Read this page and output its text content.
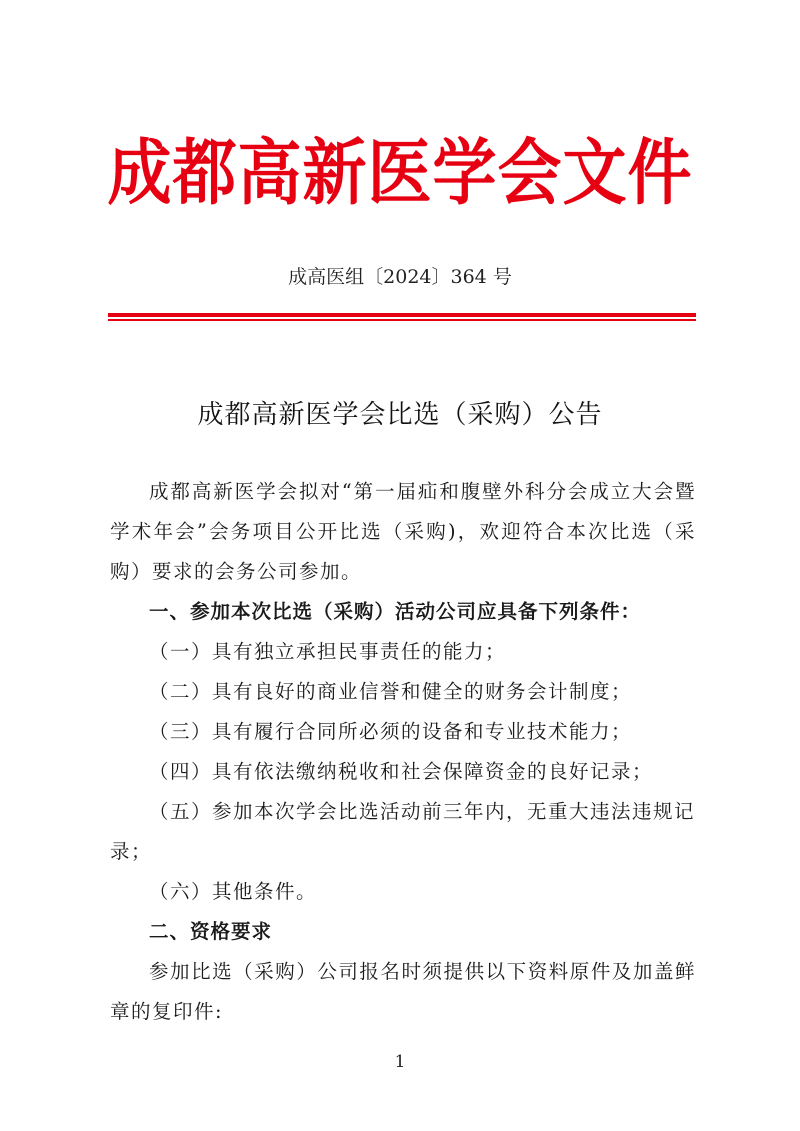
成都高新医学会文件
成高医组〔2024〕364 号
成都高新医学会比选（采购）公告

成都高新医学会拟对“第一届疝和腹壁外科分会成立大会暨学术年会”会务项目公开比选（采购)，欢迎符合本次比选（采购）要求的会务公司参加。

一、参加本次比选（采购）活动公司应具备下列条件：

（一）具有独立承担民事责任的能力；

（二）具有良好的商业信誉和健全的财务会计制度；

（三）具有履行合同所必须的设备和专业技术能力；

（四）具有依法缴纳税收和社会保障资金的良好记录；

（五）参加本次学会比选活动前三年内，无重大违法违规记录；

（六）其他条件。

二、资格要求

参加比选（采购）公司报名时须提供以下资料原件及加盖鲜章的复印件:

1
